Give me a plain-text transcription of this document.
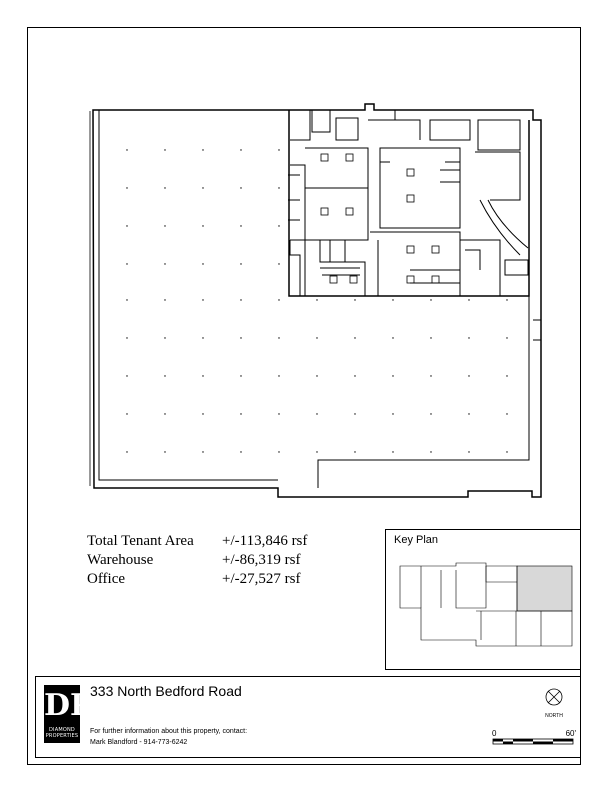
Total Tenant Area	+/-113,846 rsf
Warehouse	+/-86,319 rsf
Office	+/-27,527 rsf
Key Plan
DP
DIAMOND PROPERTIES
333 North Bedford Road
For further information about this property, contact:
Mark Blandford - 914-773-6242
NORTH
0	60'
